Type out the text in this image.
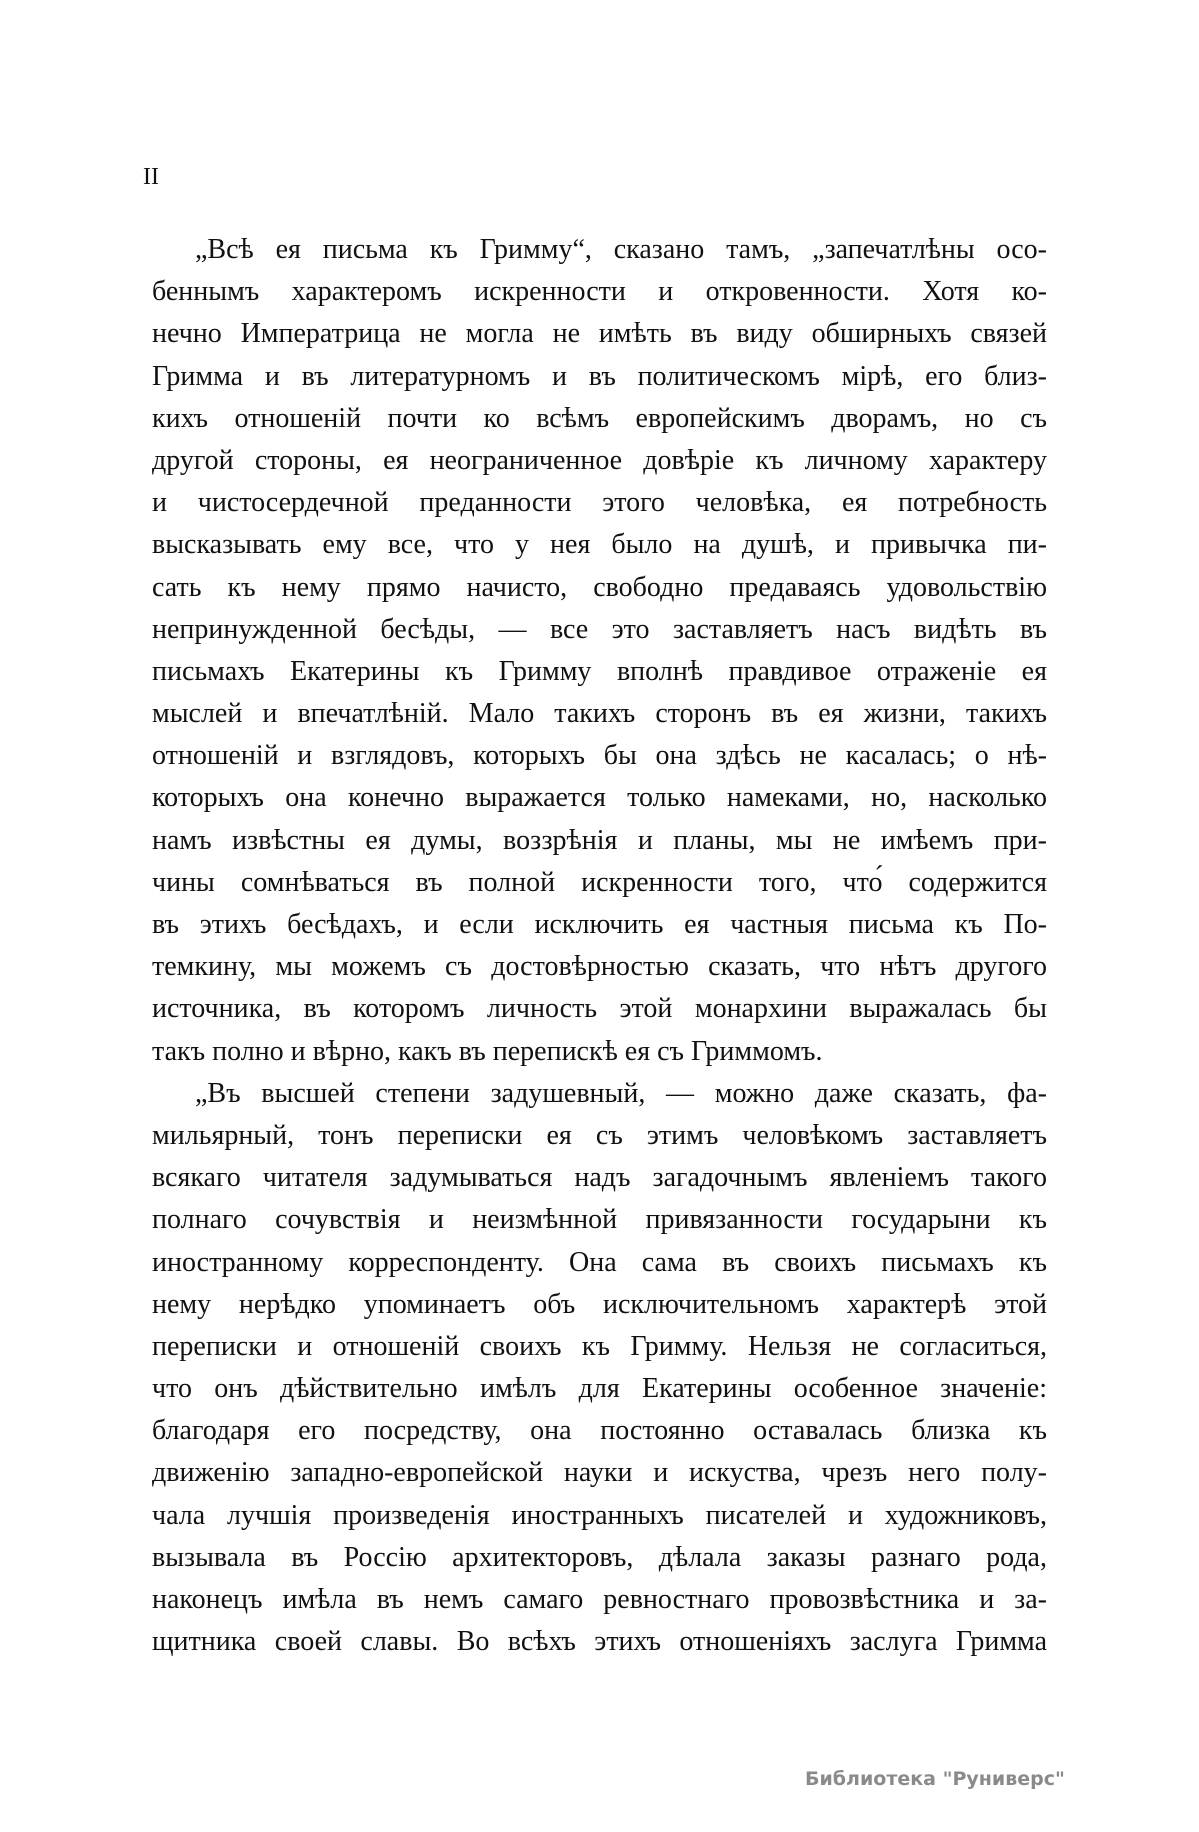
II
„Всѣ ея письма къ Гримму“, сказано тамъ, „запечатлѣны осо-
беннымъ характеромъ искренности и откровенности. Хотя ко-
нечно Императрица не могла не имѣть въ виду обширныхъ связей
Гримма и въ литературномъ и въ политическомъ мірѣ, его близ-
кихъ отношеній почти ко всѣмъ европейскимъ дворамъ, но съ
другой стороны, ея неограниченное довѣріе къ личному характеру
и чистосердечной преданности этого человѣка, ея потребность
высказывать ему все, что у нея было на душѣ, и привычка пи-
сать къ нему прямо начисто, свободно предаваясь удовольствію
непринужденной бесѣды, — все это заставляетъ насъ видѣть въ
письмахъ Екатерины къ Гримму вполнѣ правдивое отраженіе ея
мыслей и впечатлѣній. Мало такихъ сторонъ въ ея жизни, такихъ
отношеній и взглядовъ, которыхъ бы она здѣсь не касалась; о нѣ-
которыхъ она конечно выражается только намеками, но, насколько
намъ извѣстны ея думы, воззрѣнія и планы, мы не имѣемъ при-
чины сомнѣваться въ полной искренности того, что́ содержится
въ этихъ бесѣдахъ, и если исключить ея частныя письма къ По-
темкину, мы можемъ съ достовѣрностью сказать, что нѣтъ другого
источника, въ которомъ личность этой монархини выражалась бы
такъ полно и вѣрно, какъ въ перепискѣ ея съ Гриммомъ.
„Въ высшей степени задушевный, — можно даже сказать, фа-
мильярный, тонъ переписки ея съ этимъ человѣкомъ заставляетъ
всякаго читателя задумываться надъ загадочнымъ явленіемъ такого
полнаго сочувствія и неизмѣнной привязанности государыни къ
иностранному корреспонденту. Она сама въ своихъ письмахъ къ
нему нерѣдко упоминаетъ объ исключительномъ характерѣ этой
переписки и отношеній своихъ къ Гримму. Нельзя не согласиться,
что онъ дѣйствительно имѣлъ для Екатерины особенное значеніе:
благодаря его посредству, она постоянно оставалась близка къ
движенію западно-европейской науки и искуства, чрезъ него полу-
чала лучшія произведенія иностранныхъ писателей и художниковъ,
вызывала въ Россію архитекторовъ, дѣлала заказы разнаго рода,
наконецъ имѣла въ немъ самаго ревностнаго провозвѣстника и за-
щитника своей славы. Во всѣхъ этихъ отношеніяхъ заслуга Гримма
Библиотека "Руниверс"
